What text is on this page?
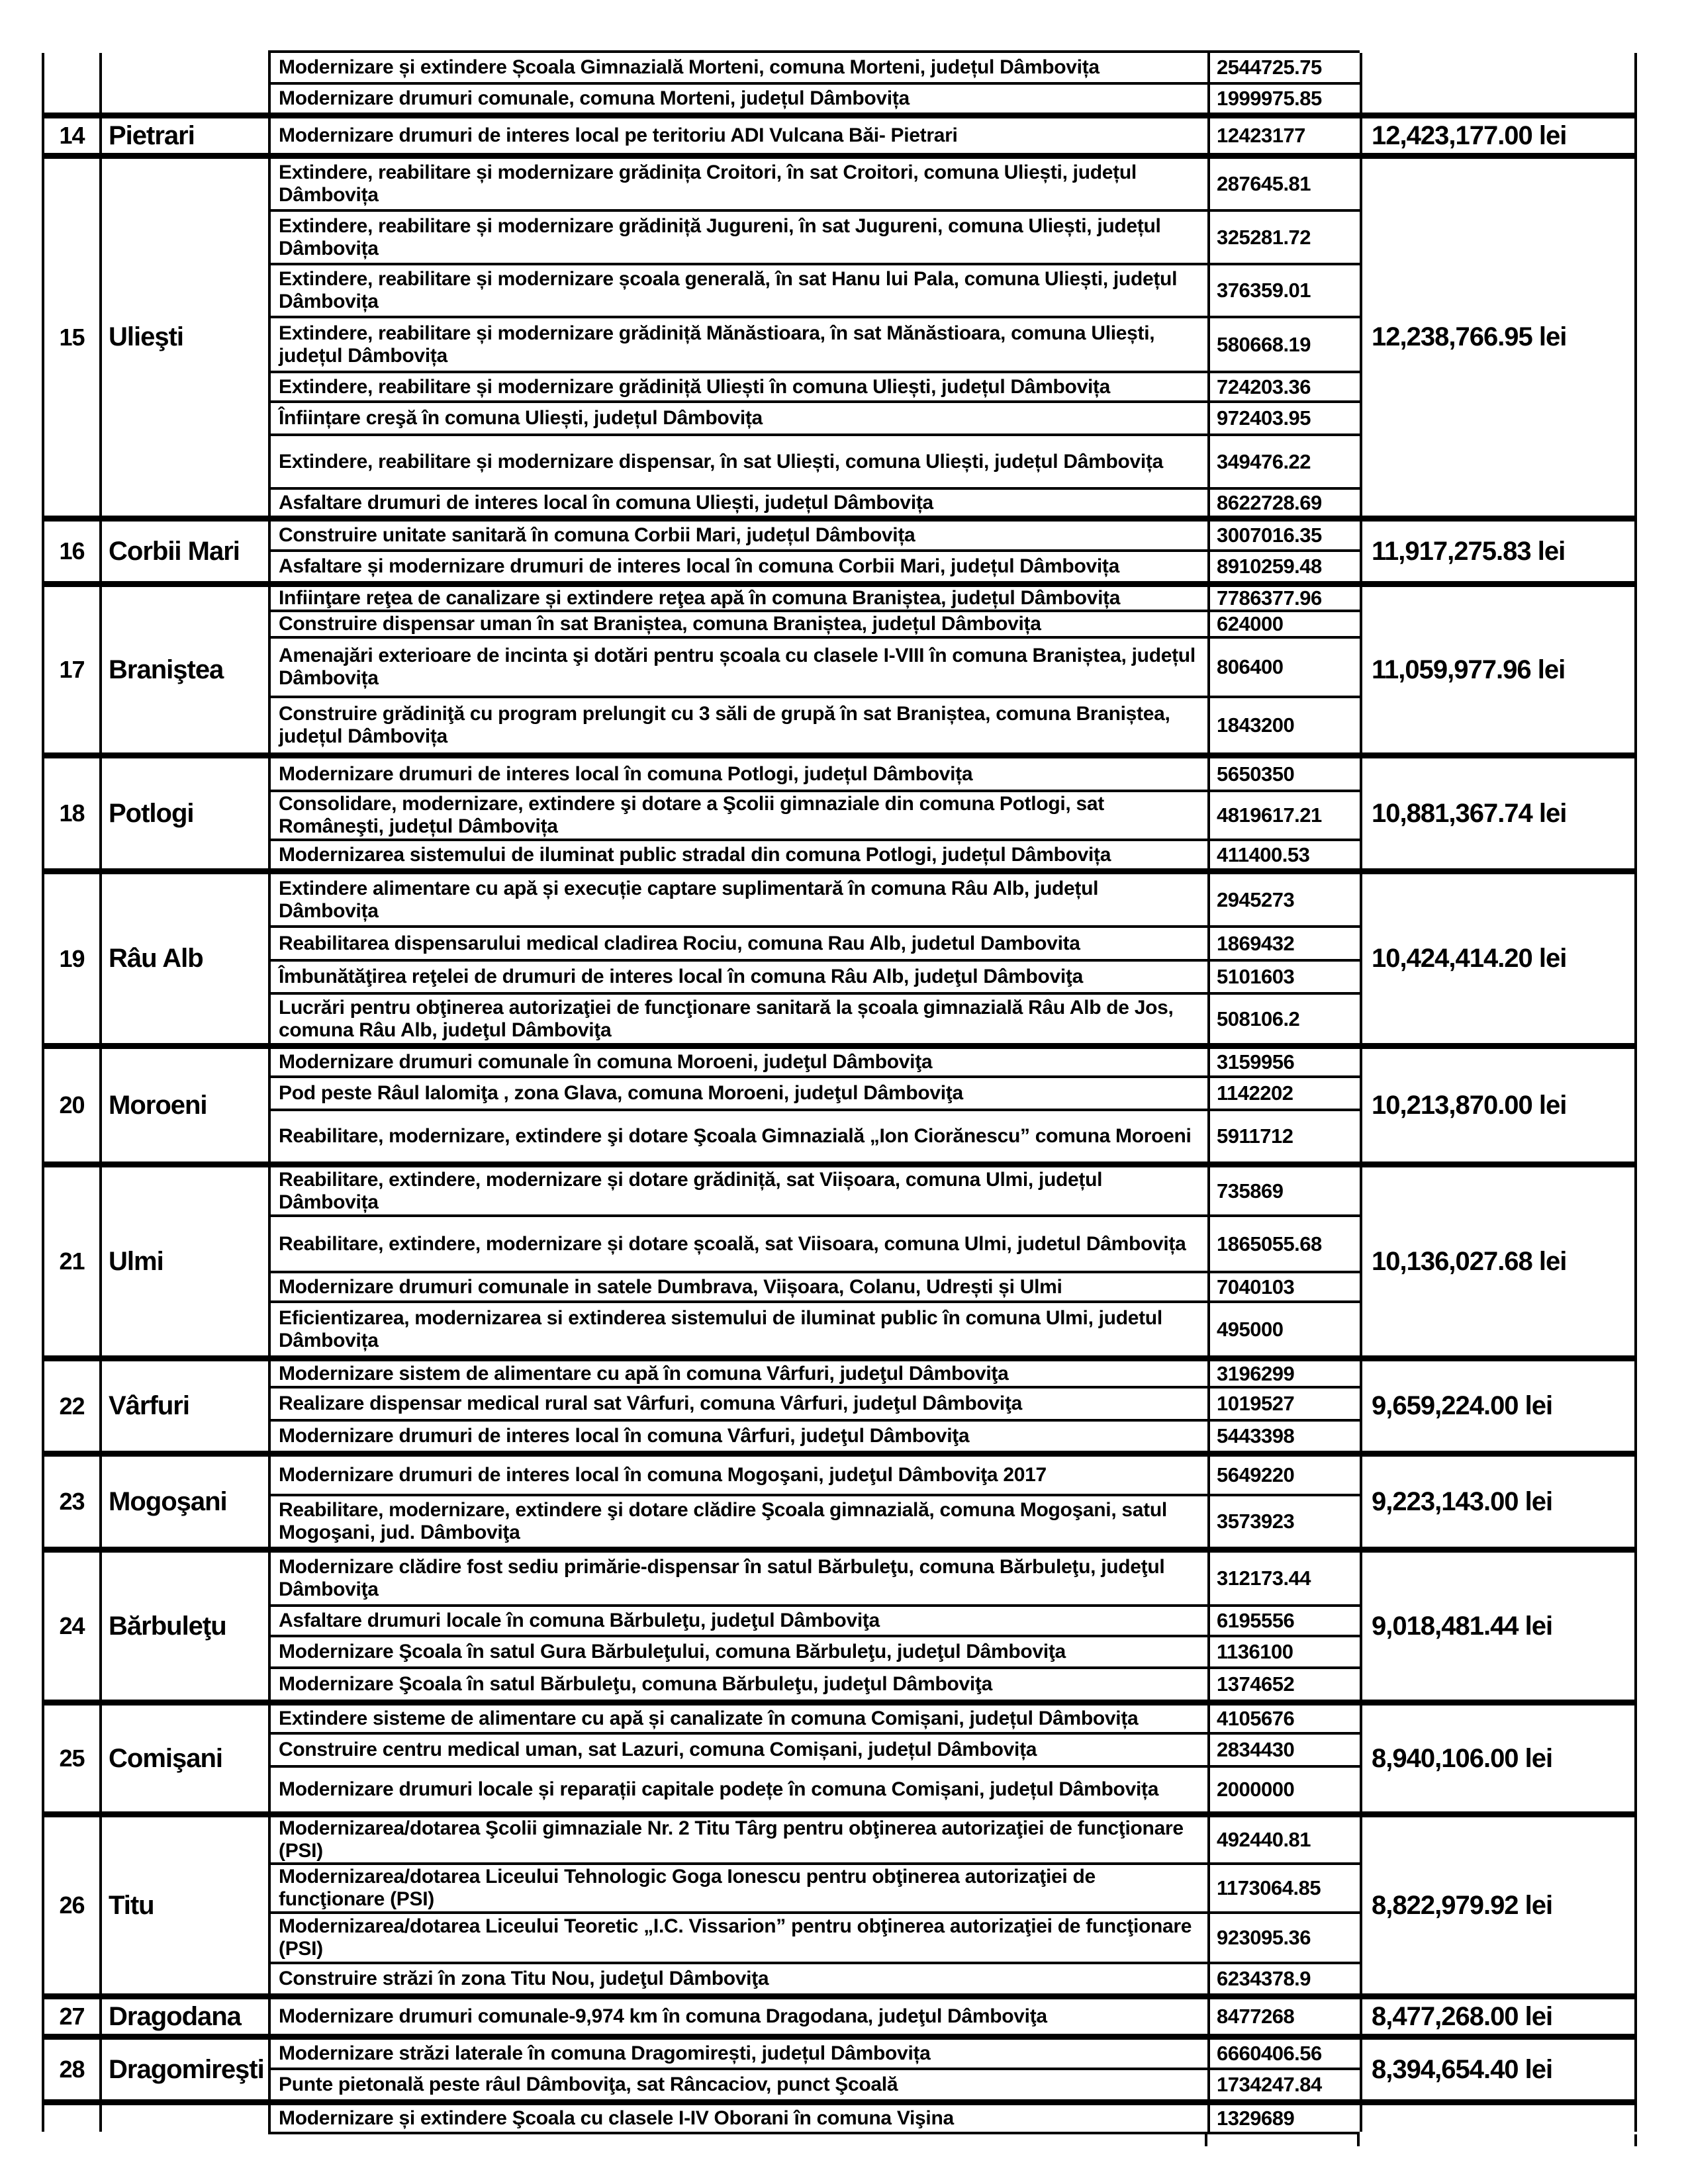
Modernizare și extindere Școala Gimnazială Morteni, comuna Morteni, județul Dâmbovița	2544725.75
Modernizare drumuri comunale, comuna Morteni, județul Dâmbovița	1999975.85
14 Pietrari	Modernizare drumuri de interes local pe teritoriu ADI Vulcana Băi- Pietrari	12423177	12,423,177.00 lei
15 Ulieşti
Extindere, reabilitare și modernizare grădinița Croitori, în sat Croitori, comuna Uliești, județul Dâmbovița	287645.81
Extindere, reabilitare și modernizare grădiniță Jugureni, în sat Jugureni, comuna Uliești, județul Dâmbovița	325281.72
Extindere, reabilitare și modernizare școala generală, în sat Hanu lui Pala, comuna Uliești, județul Dâmbovița	376359.01
Extindere, reabilitare și modernizare grădiniță Mănăstioara, în sat Mănăstioara, comuna Uliești, județul Dâmbovița	580668.19
Extindere, reabilitare și modernizare grădiniță Uliești în comuna Uliești, județul Dâmbovița	724203.36
Înființare creşă în comuna Uliești, județul Dâmbovița	972403.95
Extindere, reabilitare și modernizare dispensar, în sat Uliești, comuna Uliești, județul Dâmbovița	349476.22
Asfaltare drumuri de interes local în comuna Uliești, județul Dâmbovița	8622728.69
12,238,766.95 lei
16 Corbii Mari
Construire unitate sanitară în comuna Corbii Mari, județul Dâmbovița	3007016.35
Asfaltare și modernizare drumuri de interes local în comuna Corbii Mari, județul Dâmbovița	8910259.48
11,917,275.83 lei
17 Braniştea
Infiinţare reţea de canalizare și extindere reţea apă în comuna Braniștea, județul Dâmbovița	7786377.96
Construire dispensar uman în sat Braniștea, comuna Braniștea, județul Dâmbovița	624000
Amenajări exterioare de incinta şi dotări pentru școala cu clasele I-VIII în comuna Braniștea, județul Dâmbovița	806400
Construire grădiniţă cu program prelungit cu 3 săli de grupă în sat Braniștea, comuna Braniștea, județul Dâmbovița	1843200
11,059,977.96 lei
18 Potlogi
Modernizare drumuri de interes local în comuna Potlogi, județul Dâmbovița	5650350
Consolidare, modernizare, extindere şi dotare a Şcolii gimnaziale din comuna Potlogi, sat Româneşti, județul Dâmbovița	4819617.21
Modernizarea sistemului de iluminat public stradal din comuna Potlogi, județul Dâmbovița	411400.53
10,881,367.74 lei
19 Râu Alb
Extindere alimentare cu apă și execuție captare suplimentară în comuna Râu Alb, județul Dâmbovița	2945273
Reabilitarea dispensarului medical cladirea Rociu, comuna Rau Alb, judetul Dambovita	1869432
Îmbunătăţirea reţelei de drumuri de interes local în comuna Râu Alb, judeţul Dâmboviţa	5101603
Lucrări pentru obţinerea autorizaţiei de funcţionare sanitară la școala gimnazială Râu Alb de Jos, comuna Râu Alb, judeţul Dâmboviţa	508106.2
10,424,414.20 lei
20 Moroeni
Modernizare drumuri comunale în comuna Moroeni, judeţul Dâmboviţa	3159956
Pod peste Râul Ialomiţa , zona Glava, comuna Moroeni, judeţul Dâmboviţa	1142202
Reabilitare, modernizare, extindere şi dotare Şcoala Gimnazială „Ion Ciorănescu” comuna Moroeni	5911712
10,213,870.00 lei
21 Ulmi
Reabilitare, extindere, modernizare și dotare grădiniță, sat Viișoara, comuna Ulmi, județul Dâmbovița	735869
Reabilitare, extindere, modernizare și dotare școală, sat Viisoara, comuna Ulmi, judetul Dâmbovița	1865055.68
Modernizare drumuri comunale in satele Dumbrava, Viișoara, Colanu, Udrești și Ulmi	7040103
Eficientizarea, modernizarea si extinderea sistemului de iluminat public în comuna Ulmi, judetul Dâmbovița	495000
10,136,027.68 lei
22 Vârfuri
Modernizare sistem de alimentare cu apă în comuna Vârfuri, judeţul Dâmboviţa	3196299
Realizare dispensar medical rural sat Vârfuri, comuna Vârfuri, judeţul Dâmboviţa	1019527
Modernizare drumuri de interes local în comuna Vârfuri, judeţul Dâmboviţa	5443398
9,659,224.00 lei
23 Mogoşani
Modernizare drumuri de interes local în comuna Mogoşani, judeţul Dâmboviţa 2017	5649220
Reabilitare, modernizare, extindere şi dotare clădire Şcoala gimnazială, comuna Mogoşani, satul Mogoşani, jud. Dâmboviţa	3573923
9,223,143.00 lei
24 Bărbuleţu
Modernizare clădire fost sediu primărie-dispensar în satul Bărbuleţu, comuna Bărbuleţu, judeţul Dâmboviţa	312173.44
Asfaltare drumuri locale în comuna Bărbuleţu, judeţul Dâmboviţa	6195556
Modernizare Şcoala în satul Gura Bărbuleţului, comuna Bărbuleţu, judeţul Dâmboviţa	1136100
Modernizare Şcoala în satul Bărbuleţu, comuna Bărbuleţu, judeţul Dâmboviţa	1374652
9,018,481.44 lei
25 Comişani
Extindere sisteme de alimentare cu apă și canalizate în comuna Comișani, județul Dâmbovița	4105676
Construire centru medical uman, sat Lazuri, comuna Comișani, județul Dâmbovița	2834430
Modernizare drumuri locale și reparații capitale podețe în comuna Comișani, județul Dâmbovița	2000000
8,940,106.00 lei
26 Titu
Modernizarea/dotarea Şcolii gimnaziale Nr. 2 Titu Târg pentru obţinerea autorizaţiei de funcţionare (PSI)	492440.81
Modernizarea/dotarea Liceului Tehnologic Goga Ionescu pentru obţinerea autorizaţiei de funcţionare (PSI)	1173064.85
Modernizarea/dotarea Liceului Teoretic „I.C. Vissarion” pentru obţinerea autorizaţiei de funcţionare (PSI)	923095.36
Construire străzi în zona Titu Nou, judeţul Dâmboviţa	6234378.9
8,822,979.92 lei
27 Dragodana	Modernizare drumuri comunale-9,974 km în comuna Dragodana, judeţul Dâmboviţa	8477268	8,477,268.00 lei
28 Dragomireşti
Modernizare străzi laterale în comuna Dragomirești, județul Dâmbovița	6660406.56
Punte pietonală peste râul Dâmboviţa, sat Râncaciov, punct Şcoală	1734247.84
8,394,654.40 lei
Modernizare și extindere Şcoala cu clasele I-IV Oborani în comuna Vişina	1329689
